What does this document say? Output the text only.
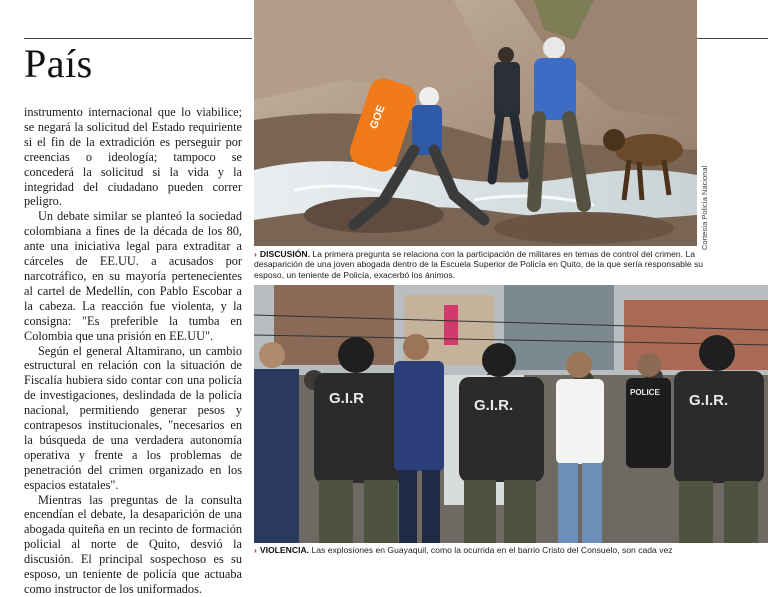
País

instrumento internacional que lo viabilice; se negará la solicitud del Estado requiriente si el fin de la extradición es perseguir por creencias o ideología; tampoco se concederá la solicitud si la vida y la integridad del ciudadano pueden correr peligro.

Un debate similar se planteó la sociedad colombiana a fines de la década de los 80, ante una iniciativa legal para extraditar a cárceles de EE.UU. a acusados por narcotráfico, en su mayoría pertenecientes al cartel de Medellín, con Pablo Escobar a la cabeza. La reacción fue violenta, y la consigna: "Es preferible la tumba en Colombia que una prisión en EE.UU".

Según el general Altamirano, un cambio estructural en relación con la situación de Fiscalía hubiera sido contar con una policía de investigaciones, deslindada de la policía nacional, permitiendo generar pesos y contrapesos institucionales, "necesarios en la búsqueda de una verdadera autonomía operativa y frente a los problemas de penetración del crimen organizado en los espacios estatales".

Mientras las preguntas de la consulta encendían el debate, la desaparición de una abogada quiteña en un recinto de formación policial al norte de Quito, desvió la discusión. El principal sospechoso es su esposo, un teniente de policía que actuaba como instructor de los uniformados.

GOE
Cortesía Policía Nacional
› DISCUSIÓN. La primera pregunta se relaciona con la participación de militares en temas de control del crimen. La desaparición de una joven abogada dentro de la Escuela Superior de Policía en Quito, de la que sería responsable su esposo, un teniente de Policía, exacerbó los ánimos.
G.I.R	G.I.R.
POLICE G.I.R.
› VIOLENCIA. Las explosiones en Guayaquil, como la ocurrida en el barrio Cristo del Consuelo, son cada vez
